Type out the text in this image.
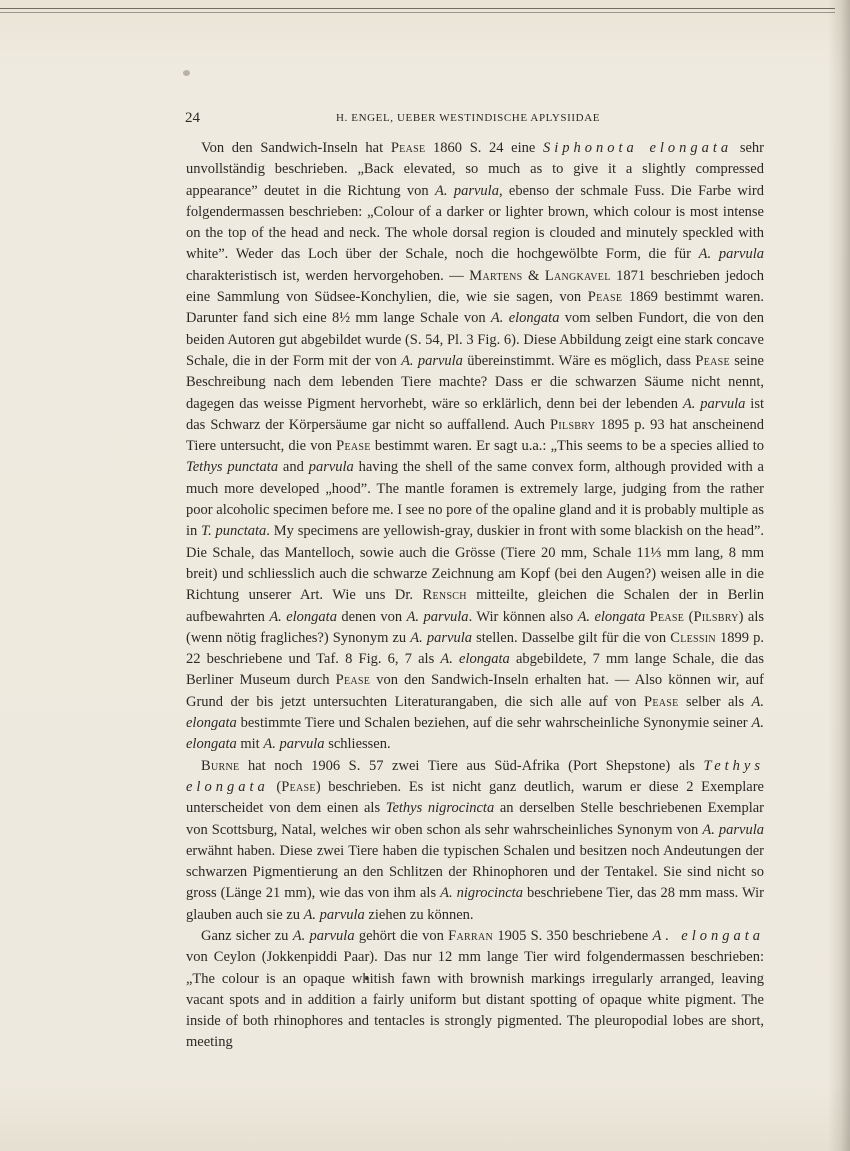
24	H. ENGEL, UEBER WESTINDISCHE APLYSIIDAE

Von den Sandwich-Inseln hat Pease 1860 S. 24 eine Siphonota elongata sehr unvollständig beschrieben. „Back elevated, so much as to give it a slightly compressed appearance” deutet in die Richtung von A. parvula, ebenso der schmale Fuss. Die Farbe wird folgendermassen beschrieben: „Colour of a darker or lighter brown, which colour is most intense on the top of the head and neck. The whole dorsal region is clouded and minutely speckled with white”. Weder das Loch über der Schale, noch die hochgewölbte Form, die für A. parvula charakteristisch ist, werden hervorgehoben. — Martens & Langkavel 1871 beschrieben jedoch eine Sammlung von Südsee-Konchylien, die, wie sie sagen, von Pease 1869 bestimmt waren. Darunter fand sich eine 8½ mm lange Schale von A. elongata vom selben Fundort, die von den beiden Autoren gut abgebildet wurde (S. 54, Pl. 3 Fig. 6). Diese Abbildung zeigt eine stark concave Schale, die in der Form mit der von A. parvula übereinstimmt. Wäre es möglich, dass Pease seine Beschreibung nach dem lebenden Tiere machte? Dass er die schwarzen Säume nicht nennt, dagegen das weisse Pigment hervorhebt, wäre so erklärlich, denn bei der lebenden A. parvula ist das Schwarz der Körpersäume gar nicht so auffallend. Auch Pilsbry 1895 p. 93 hat anscheinend Tiere untersucht, die von Pease bestimmt waren. Er sagt u.a.: „This seems to be a species allied to Tethys punctata and parvula having the shell of the same convex form, although provided with a much more developed „hood”. The mantle foramen is extremely large, judging from the rather poor alcoholic specimen before me. I see no pore of the opaline gland and it is probably multiple as in T. punctata. My specimens are yellowish-gray, duskier in front with some blackish on the head”. Die Schale, das Mantelloch, sowie auch die Grösse (Tiere 20 mm, Schale 11⅓ mm lang, 8 mm breit) und schliesslich auch die schwarze Zeichnung am Kopf (bei den Augen?) weisen alle in die Richtung unserer Art. Wie uns Dr. Rensch mitteilte, gleichen die Schalen der in Berlin aufbewahrten A. elongata denen von A. parvula. Wir können also A. elongata Pease (Pilsbry) als (wenn nötig fragliches?) Synonym zu A. parvula stellen. Dasselbe gilt für die von Clessin 1899 p. 22 beschriebene und Taf. 8 Fig. 6, 7 als A. elongata abgebildete, 7 mm lange Schale, die das Berliner Museum durch Pease von den Sandwich-Inseln erhalten hat. — Also können wir, auf Grund der bis jetzt untersuchten Literaturangaben, die sich alle auf von Pease selber als A. elongata bestimmte Tiere und Schalen beziehen, auf die sehr wahrscheinliche Synonymie seiner A. elongata mit A. parvula schliessen.

Burne hat noch 1906 S. 57 zwei Tiere aus Süd-Afrika (Port Shepstone) als Tethys elongata (Pease) beschrieben. Es ist nicht ganz deutlich, warum er diese 2 Exemplare unterscheidet von dem einen als Tethys nigrocincta an derselben Stelle beschriebenen Exemplar von Scottsburg, Natal, welches wir oben schon als sehr wahrscheinliches Synonym von A. parvula erwähnt haben. Diese zwei Tiere haben die typischen Schalen und besitzen noch Andeutungen der schwarzen Pigmentierung an den Schlitzen der Rhinophoren und der Tentakel. Sie sind nicht so gross (Länge 21 mm), wie das von ihm als A. nigrocincta beschriebene Tier, das 28 mm mass. Wir glauben auch sie zu A. parvula ziehen zu können.

Ganz sicher zu A. parvula gehört die von Farran 1905 S. 350 beschriebene A. elongata von Ceylon (Jokkenpiddi Paar). Das nur 12 mm lange Tier wird folgendermassen beschrieben: „The colour is an opaque whitish fawn with brownish markings irregularly arranged, leaving vacant spots and in addition a fairly uniform but distant spotting of opaque white pigment. The inside of both rhinophores and tentacles is strongly pigmented. The pleuropodial lobes are short, meeting
